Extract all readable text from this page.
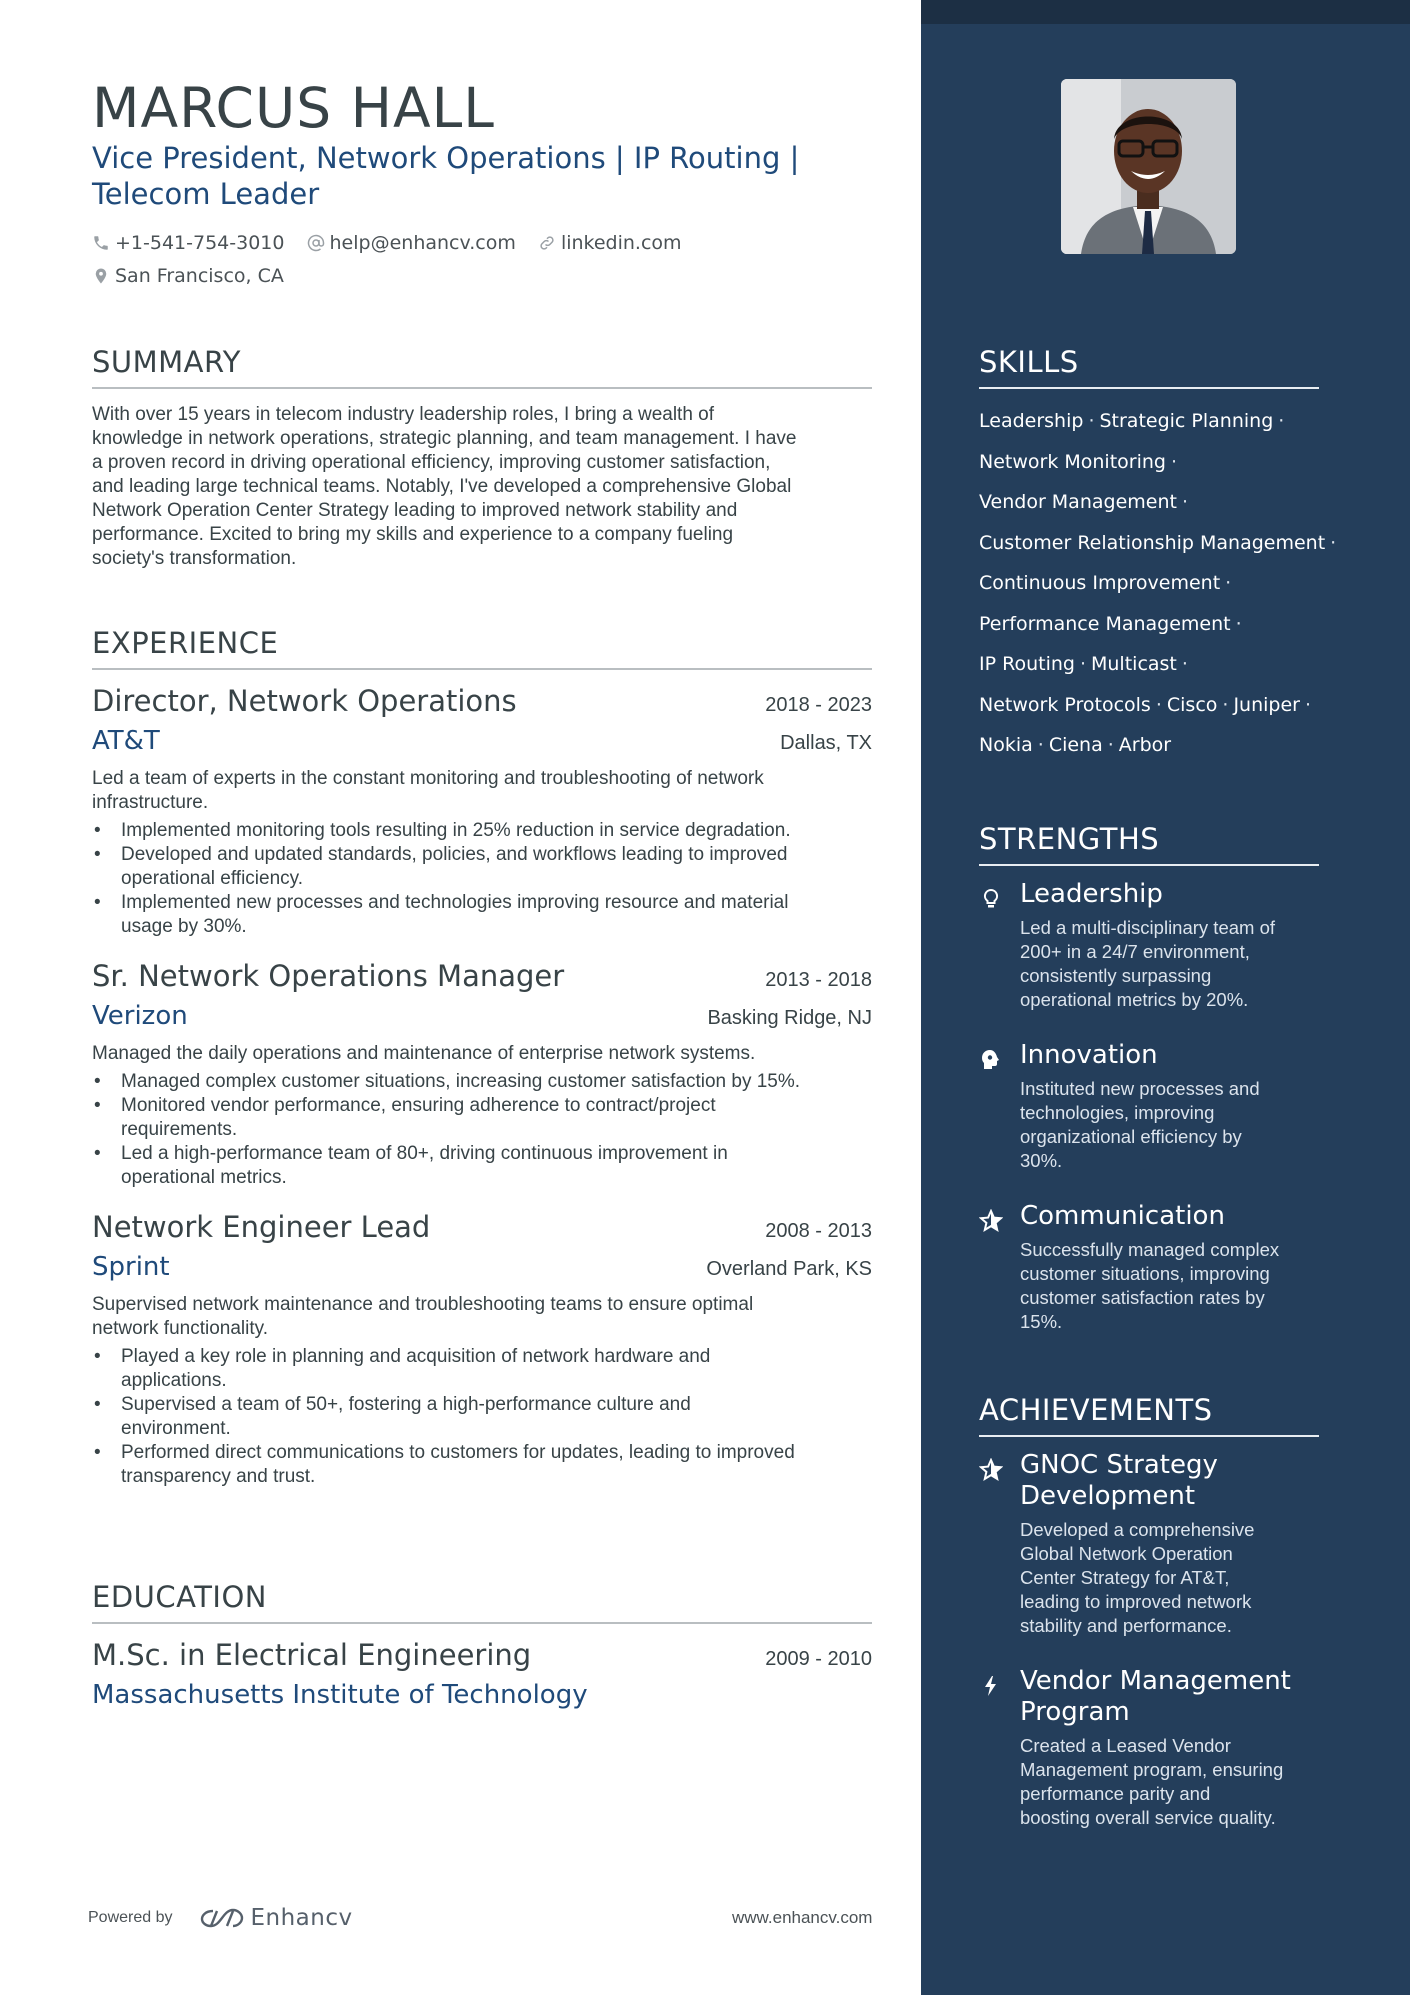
SKILLS
Leadership · Strategic Planning ·
Network Monitoring ·
Vendor Management ·
Customer Relationship Management ·
Continuous Improvement ·
Performance Management ·
IP Routing · Multicast ·
Network Protocols · Cisco · Juniper ·
Nokia · Ciena · Arbor
STRENGTHS
Leadership
Led a multi-disciplinary team of
200+ in a 24/7 environment,
consistently surpassing
operational metrics by 20%.
Innovation
Instituted new processes and
technologies, improving
organizational efficiency by
30%.
Communication
Successfully managed complex
customer situations, improving
customer satisfaction rates by
15%.
ACHIEVEMENTS
GNOC Strategy
Development
Developed a comprehensive
Global Network Operation
Center Strategy for AT&T,
leading to improved network
stability and performance.
Vendor Management
Program
Created a Leased Vendor
Management program, ensuring
performance parity and
boosting overall service quality.
MARCUS HALL
Vice President, Network Operations | IP Routing |
Telecom Leader
+1-541-754-3010
help@enhancv.com
linkedin.com
San Francisco, CA
SUMMARY
With over 15 years in telecom industry leadership roles, I bring a wealth of
knowledge in network operations, strategic planning, and team management. I have
a proven record in driving operational efficiency, improving customer satisfaction,
and leading large technical teams. Notably, I've developed a comprehensive Global
Network Operation Center Strategy leading to improved network stability and
performance. Excited to bring my skills and experience to a company fueling
society's transformation.
EXPERIENCE
Director, Network Operations	2018 - 2023
AT&T	Dallas, TX
Led a team of experts in the constant monitoring and troubleshooting of network
infrastructure.
• Implemented monitoring tools resulting in 25% reduction in service degradation.
• Developed and updated standards, policies, and workflows leading to improved
operational efficiency.
• Implemented new processes and technologies improving resource and material
usage by 30%.
Sr. Network Operations Manager	2013 - 2018
Verizon	Basking Ridge, NJ
Managed the daily operations and maintenance of enterprise network systems.
• Managed complex customer situations, increasing customer satisfaction by 15%.
• Monitored vendor performance, ensuring adherence to contract/project
requirements.
• Led a high-performance team of 80+, driving continuous improvement in
operational metrics.
Network Engineer Lead	2008 - 2013
Sprint	Overland Park, KS
Supervised network maintenance and troubleshooting teams to ensure optimal
network functionality.
• Played a key role in planning and acquisition of network hardware and
applications.
• Supervised a team of 50+, fostering a high-performance culture and
environment.
• Performed direct communications to customers for updates, leading to improved
transparency and trust.
EDUCATION
M.Sc. in Electrical Engineering	2009 - 2010
Massachusetts Institute of Technology
Powered by	Enhancv	www.enhancv.com
